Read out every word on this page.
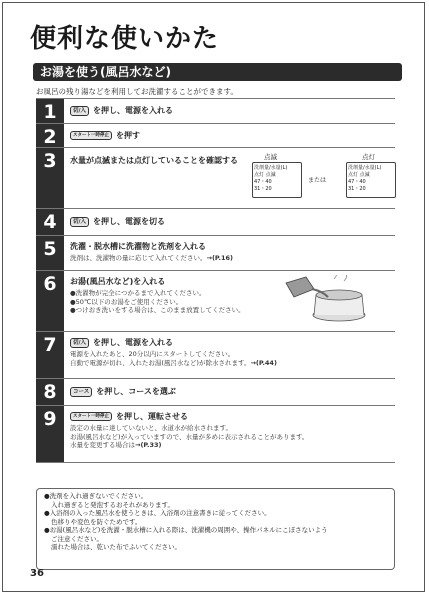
便利な使いかた
お湯を使う(風呂水など)
お風呂の残り湯などを利用してお洗濯することができます。
1	切/入 を押し、電源を入れる
2	スタート一時停止 を押す
3	水量が点滅または点灯していることを確認する	点滅	点灯
洗剤量/水量(L)
点灯 点滅
47・40
31・20
または
洗剤量/水量(L)
点灯 点滅
47・40
31・20
4	切/入 を押し、電源を切る
5	洗濯・脱水槽に洗濯物と洗剤を入れる
洗剤は、洗濯物の量に応じて入れてください。→(P.16)
6	お湯(風呂水など)を入れる
●洗濯物が完全につかるまで入れてください。
●50℃以下のお湯をご使用ください。
●つけおき洗いをする場合は、このまま放置してください。
7	切/入 を押し、電源を入れる
電源を入れたあと、20分以内にスタートしてください。
自動で電源が切れ、入れたお湯(風呂水など)が除水されます。→(P.44)
8	コース を押し、コースを選ぶ
9	スタート一時停止 を押し、運転させる
設定の水量に達していないと、水道水が給水されます。
お湯(風呂水など)が入っていますので、水量が多めに表示されることがあります。
水量を変更する場合は→(P.33)
●洗剤を入れ過ぎないでください。
入れ過ぎると発泡するおそれがあります。
●入浴剤の入った風呂水を使うときは、入浴剤の注意書きに従ってください。
色移りや変色を防ぐためです。
●お湯(風呂水など)を洗濯・脱水槽に入れる際は、洗濯機の周囲や、操作パネルにこぼさないよう
ご注意ください。
濡れた場合は、乾いた布でふいてください。
36
